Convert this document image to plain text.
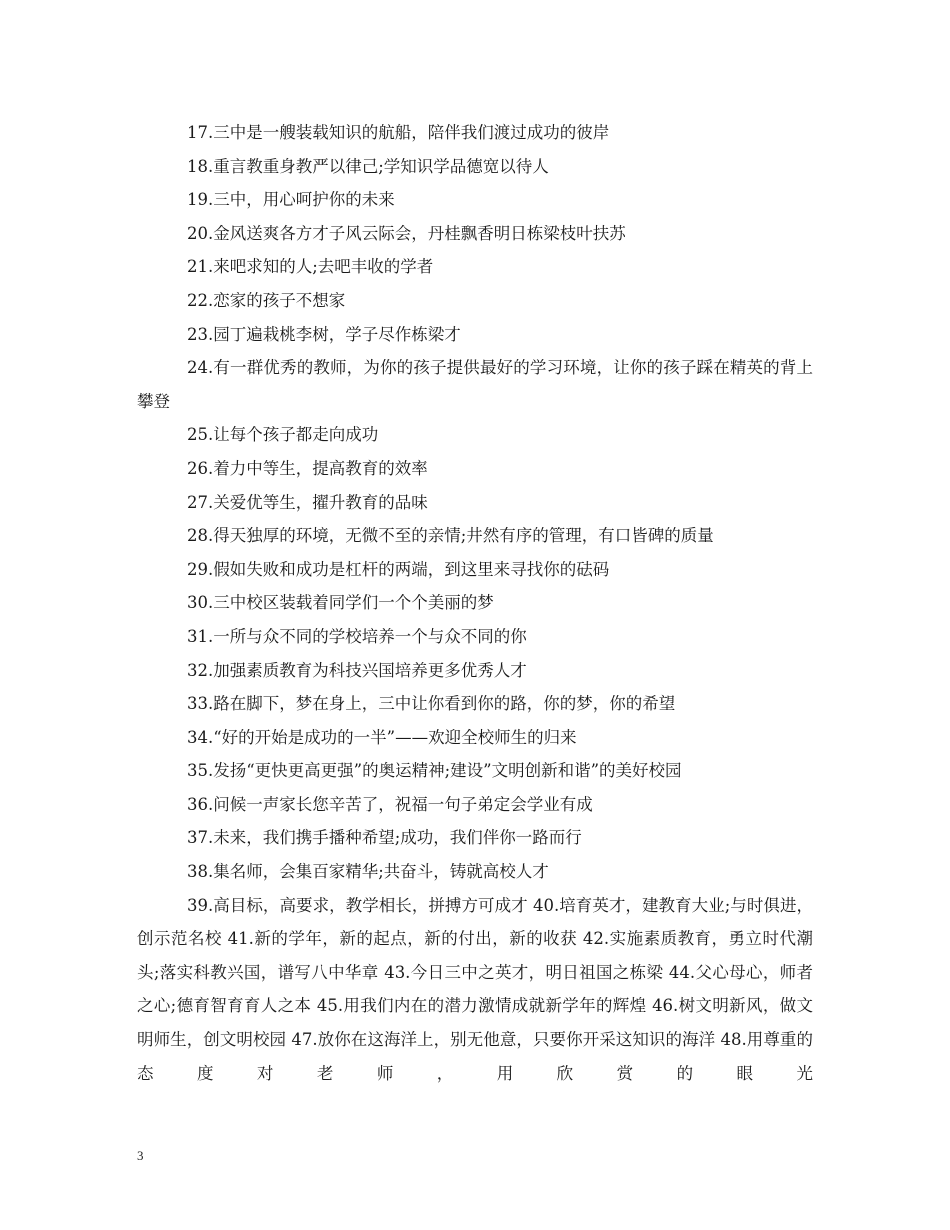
17.三中是一艘装载知识的航船，陪伴我们渡过成功的彼岸

18.重言教重身教严以律己;学知识学品德宽以待人

19.三中，用心呵护你的未来

20.金风送爽各方才子风云际会，丹桂飘香明日栋梁枝叶扶苏

21.来吧求知的人;去吧丰收的学者

22.恋家的孩子不想家

23.园丁遍栽桃李树，学子尽作栋梁才

24.有一群优秀的教师，为你的孩子提供最好的学习环境，让你的孩子踩在精英的背上攀登

25.让每个孩子都走向成功

26.着力中等生，提高教育的效率

27.关爱优等生，擢升教育的品味

28.得天独厚的环境，无微不至的亲情;井然有序的管理，有口皆碑的质量

29.假如失败和成功是杠杆的两端，到这里来寻找你的砝码

30.三中校区装载着同学们一个个美丽的梦

31.一所与众不同的学校培养一个与众不同的你

32.加强素质教育为科技兴国培养更多优秀人才

33.路在脚下，梦在身上，三中让你看到你的路，你的梦，你的希望

34.“好的开始是成功的一半”——欢迎全校师生的归来

35.发扬“更快更高更强”的奥运精神;建设”文明创新和谐”的美好校园

36.问候一声家长您辛苦了，祝福一句子弟定会学业有成

37.未来，我们携手播种希望;成功，我们伴你一路而行

38.集名师，会集百家精华;共奋斗，铸就高校人才

39.高目标，高要求，教学相长，拼搏方可成才 40.培育英才，建教育大业;与时俱进，创示范名校 41.新的学年，新的起点，新的付出，新的收获 42.实施素质教育，勇立时代潮头;落实科教兴国，谱写八中华章 43.今日三中之英才，明日祖国之栋梁 44.父心母心，师者之心;德育智育育人之本 45.用我们内在的潜力激情成就新学年的辉煌 46.树文明新风，做文明师生，创文明校园 47.放你在这海洋上，别无他意，只要你开采这知识的海洋 48.用尊重的态度对老师，用欣赏的眼光

3
